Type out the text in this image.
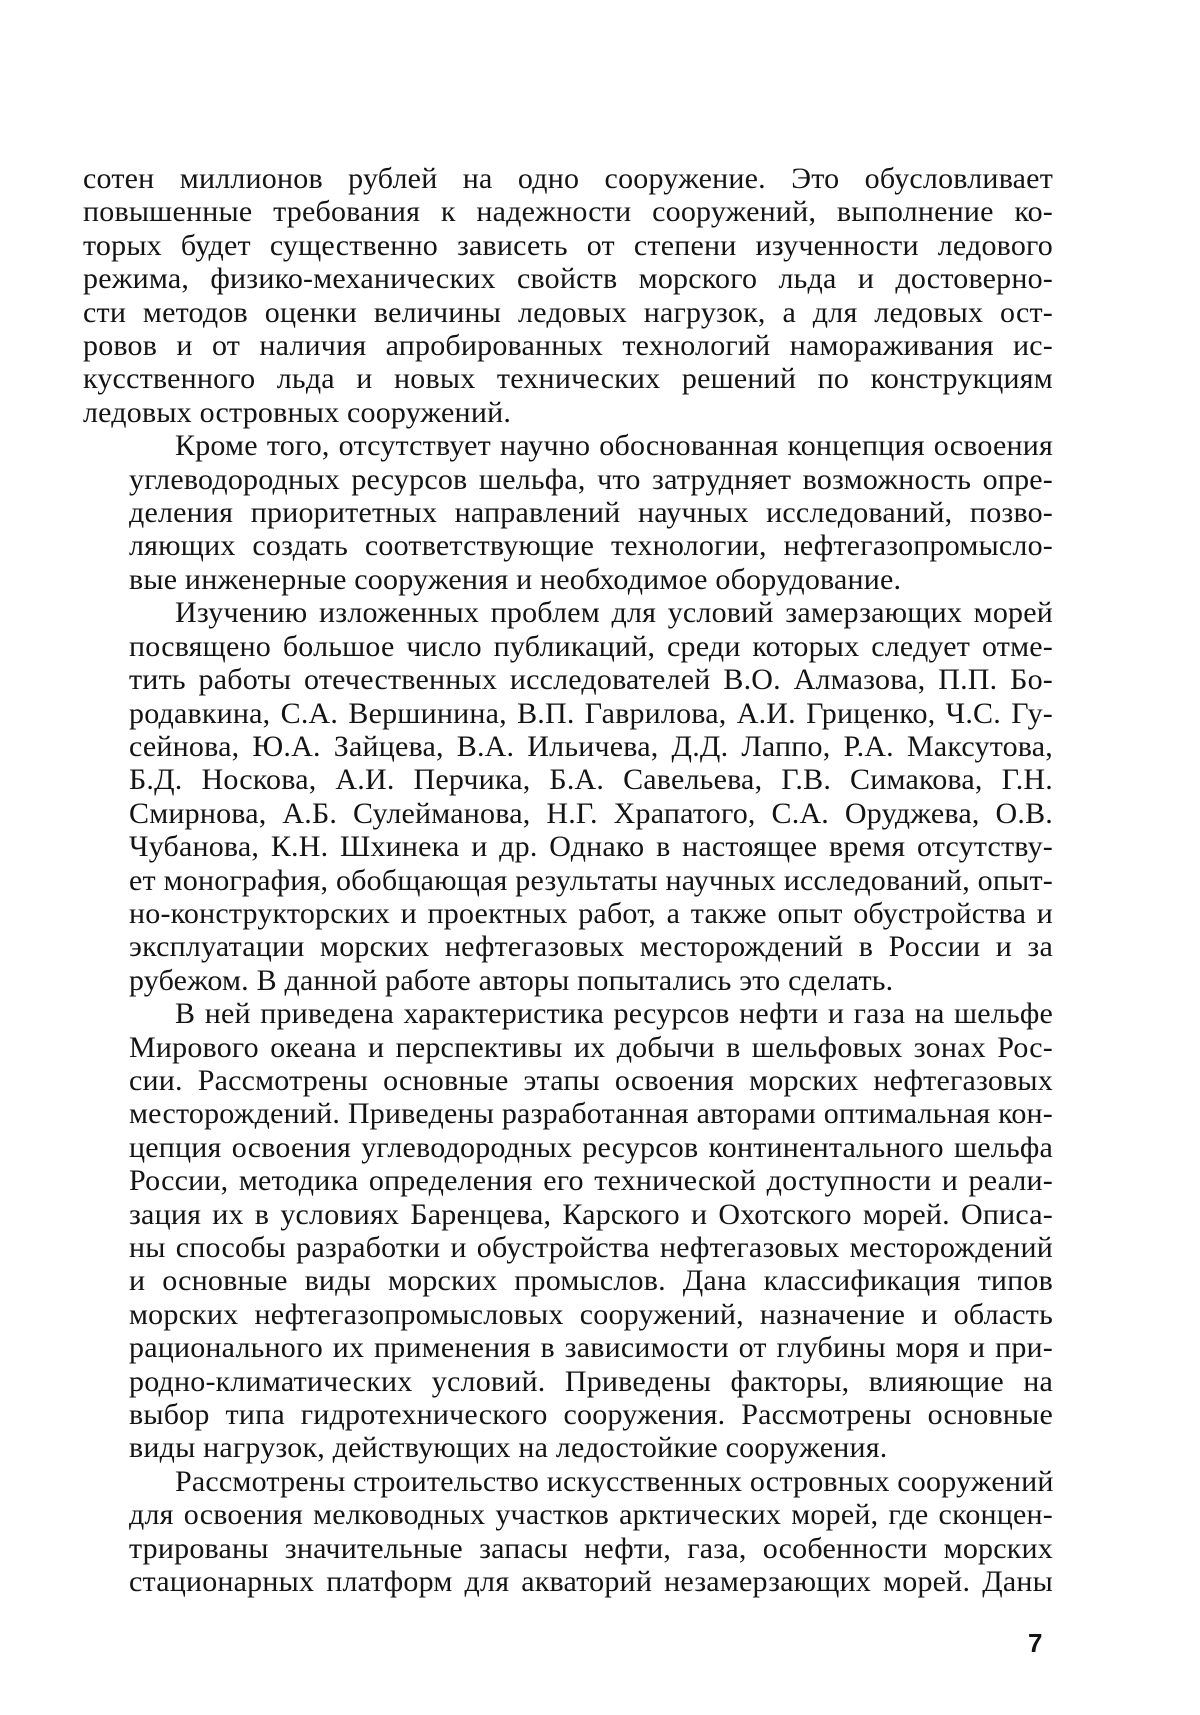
сотен миллионов рублей на одно сооружение. Это обусловливает
повышенные требования к надежности сооружений, выполнение ко-
торых будет существенно зависеть от степени изученности ледового
режима, физико-механических свойств морского льда и достоверно-
сти методов оценки величины ледовых нагрузок, а для ледовых ост-
ровов и от наличия апробированных технологий намораживания ис-
кусственного льда и новых технических решений по конструкциям
ледовых островных сооружений.
Кроме того, отсутствует научно обоснованная концепция освоения
углеводородных ресурсов шельфа, что затрудняет возможность опре-
деления приоритетных направлений научных исследований, позво-
ляющих создать соответствующие технологии, нефтегазопромысло-
вые инженерные сооружения и необходимое оборудование.
Изучению изложенных проблем для условий замерзающих морей
посвящено большое число публикаций, среди которых следует отме-
тить работы отечественных исследователей В.О. Алмазова, П.П. Бо-
родавкина, С.А. Вершинина, В.П. Гаврилова, А.И. Гриценко, Ч.С. Гу-
сейнова, Ю.А. Зайцева, В.А. Ильичева, Д.Д. Лаппо, Р.А. Максутова,
Б.Д. Носкова, А.И. Перчика, Б.А. Савельева, Г.В. Симакова, Г.Н.
Смирнова, А.Б. Сулейманова, Н.Г. Храпатого, С.А. Оруджева, О.В.
Чубанова, К.Н. Шхинека и др. Однако в настоящее время отсутству-
ет монография, обобщающая результаты научных исследований, опыт-
но-конструкторских и проектных работ, а также опыт обустройства и
эксплуатации морских нефтегазовых месторождений в России и за
рубежом. В данной работе авторы попытались это сделать.
В ней приведена характеристика ресурсов нефти и газа на шельфе
Мирового океана и перспективы их добычи в шельфовых зонах Рос-
сии. Рассмотрены основные этапы освоения морских нефтегазовых
месторождений. Приведены разработанная авторами оптимальная кон-
цепция освоения углеводородных ресурсов континентального шельфа
России, методика определения его технической доступности и реали-
зация их в условиях Баренцева, Карского и Охотского морей. Описа-
ны способы разработки и обустройства нефтегазовых месторождений
и основные виды морских промыслов. Дана классификация типов
морских нефтегазопромысловых сооружений, назначение и область
рационального их применения в зависимости от глубины моря и при-
родно-климатических условий. Приведены факторы, влияющие на
выбор типа гидротехнического сооружения. Рассмотрены основные
виды нагрузок, действующих на ледостойкие сооружения.
Рассмотрены строительство искусственных островных сооружений
для освоения мелководных участков арктических морей, где сконцен-
трированы значительные запасы нефти, газа, особенности морских
стационарных платформ для акваторий незамерзающих морей. Даны
7
